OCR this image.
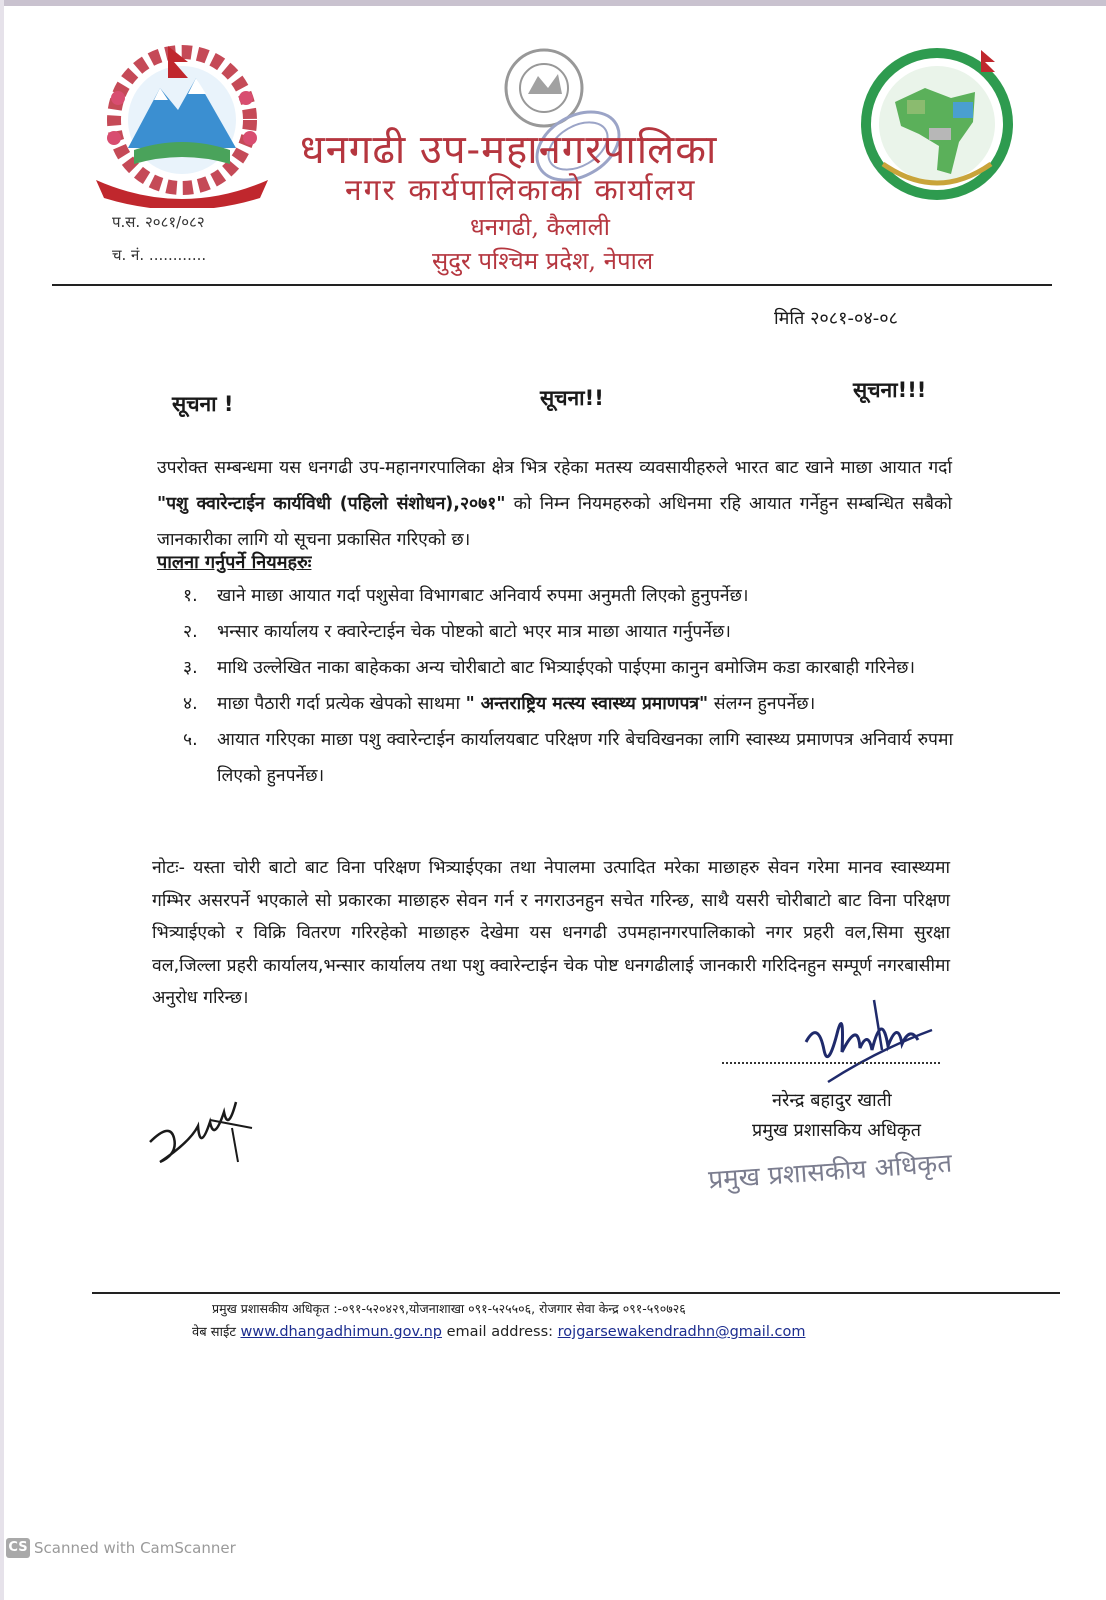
धनगढी उप-महानगरपालिका
नगर कार्यपालिकाको कार्यालय
धनगढी, कैलाली
सुदुर पश्चिम प्रदेश, नेपाल
प.स. २०८१/०८२
च. नं. ............
मिति २०८१-०४-०८
सूचना !	सूचना!!	सूचना!!!
उपरोक्त सम्बन्धमा यस धनगढी उप-महानगरपालिका क्षेत्र भित्र रहेका मतस्य व्यवसायीहरुले भारत बाट खाने माछा आयात गर्दा "पशु क्वारेन्टाईन कार्यविधी (पहिलो संशोधन),२०७१" को निम्न नियमहरुको अधिनमा रहि आयात गर्नेहुन सम्बन्धित सबैको जानकारीका लागि यो सूचना प्रकासित गरिएको छ।
पालना गर्नुपर्ने नियमहरुः
१.	खाने माछा आयात गर्दा पशुसेवा विभागबाट अनिवार्य रुपमा अनुमती लिएको हुनुपर्नेछ।
२.	भन्सार कार्यालय र क्वारेन्टाईन चेक पोष्टको बाटो भएर मात्र माछा आयात गर्नुपर्नेछ।
३.	माथि उल्लेखित नाका बाहेकका अन्य चोरीबाटो बाट भित्र्याईएको पाईएमा कानुन बमोजिम कडा कारबाही गरिनेछ।
४.	माछा पैठारी गर्दा प्रत्येक खेपको साथमा " अन्तराष्ट्रिय मत्स्य स्वास्थ्य प्रमाणपत्र" संलग्न हुनपर्नेछ।
५.	आयात गरिएका माछा पशु क्वारेन्टाईन कार्यालयबाट परिक्षण गरि बेचविखनका लागि स्वास्थ्य प्रमाणपत्र अनिवार्य रुपमा लिएको हुनपर्नेछ।
नोटः- यस्ता चोरी बाटो बाट विना परिक्षण भित्र्याईएका तथा नेपालमा उत्पादित मरेका माछाहरु सेवन गरेमा मानव स्वास्थ्यमा गम्भिर असरपर्ने भएकाले सो प्रकारका माछाहरु सेवन गर्न र नगराउनहुन सचेत गरिन्छ, साथै यसरी चोरीबाटो बाट विना परिक्षण भित्र्याईएको र विक्रि वितरण गरिरहेको माछाहरु देखेमा यस धनगढी उपमहानगरपालिकाको नगर प्रहरी वल,सिमा सुरक्षा वल,जिल्ला प्रहरी कार्यालय,भन्सार कार्यालय तथा पशु क्वारेन्टाईन चेक पोष्ट धनगढीलाई जानकारी गरिदिनहुन सम्पूर्ण नगरबासीमा अनुरोध गरिन्छ।
नरेन्द्र बहादुर खाती
प्रमुख प्रशासकिय अधिकृत
प्रमुख प्रशासकीय अधिकृत
प्रमुख प्रशासकीय अधिकृत :-०९१-५२०४२९,योजनाशाखा ०९१-५२५५०६, रोजगार सेवा केन्द्र ०९१-५९०७२६
वेब साईट www.dhangadhimun.gov.np email address: rojgarsewakendradhn@gmail.com
CS Scanned with CamScanner
